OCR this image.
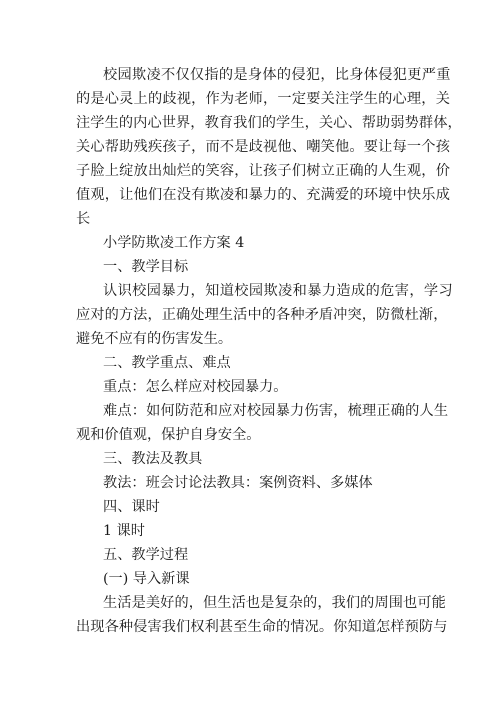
校园欺凌不仅仅指的是身体的侵犯，比身体侵犯更严重
的是心灵上的歧视，作为老师，一定要关注学生的心理，关
注学生的内心世界，教育我们的学生，关心、帮助弱势群体，
关心帮助残疾孩子，而不是歧视他、嘲笑他。要让每一个孩
子脸上绽放出灿烂的笑容，让孩子们树立正确的人生观，价
值观，让他们在没有欺凌和暴力的、充满爱的环境中快乐成
长
小学防欺凌工作方案 4
一、教学目标
认识校园暴力，知道校园欺凌和暴力造成的危害，学习
应对的方法，正确处理生活中的各种矛盾冲突，防微杜渐，
避免不应有的伤害发生。
二、教学重点、难点
重点：怎么样应对校园暴力。
难点：如何防范和应对校园暴力伤害，梳理正确的人生
观和价值观，保护自身安全。
三、教法及教具
教法：班会讨论法教具：案例资料、多媒体
四、课时
1 课时
五、教学过程
(一) 导入新课
生活是美好的，但生活也是复杂的，我们的周围也可能
出现各种侵害我们权利甚至生命的情况。你知道怎样预防与
